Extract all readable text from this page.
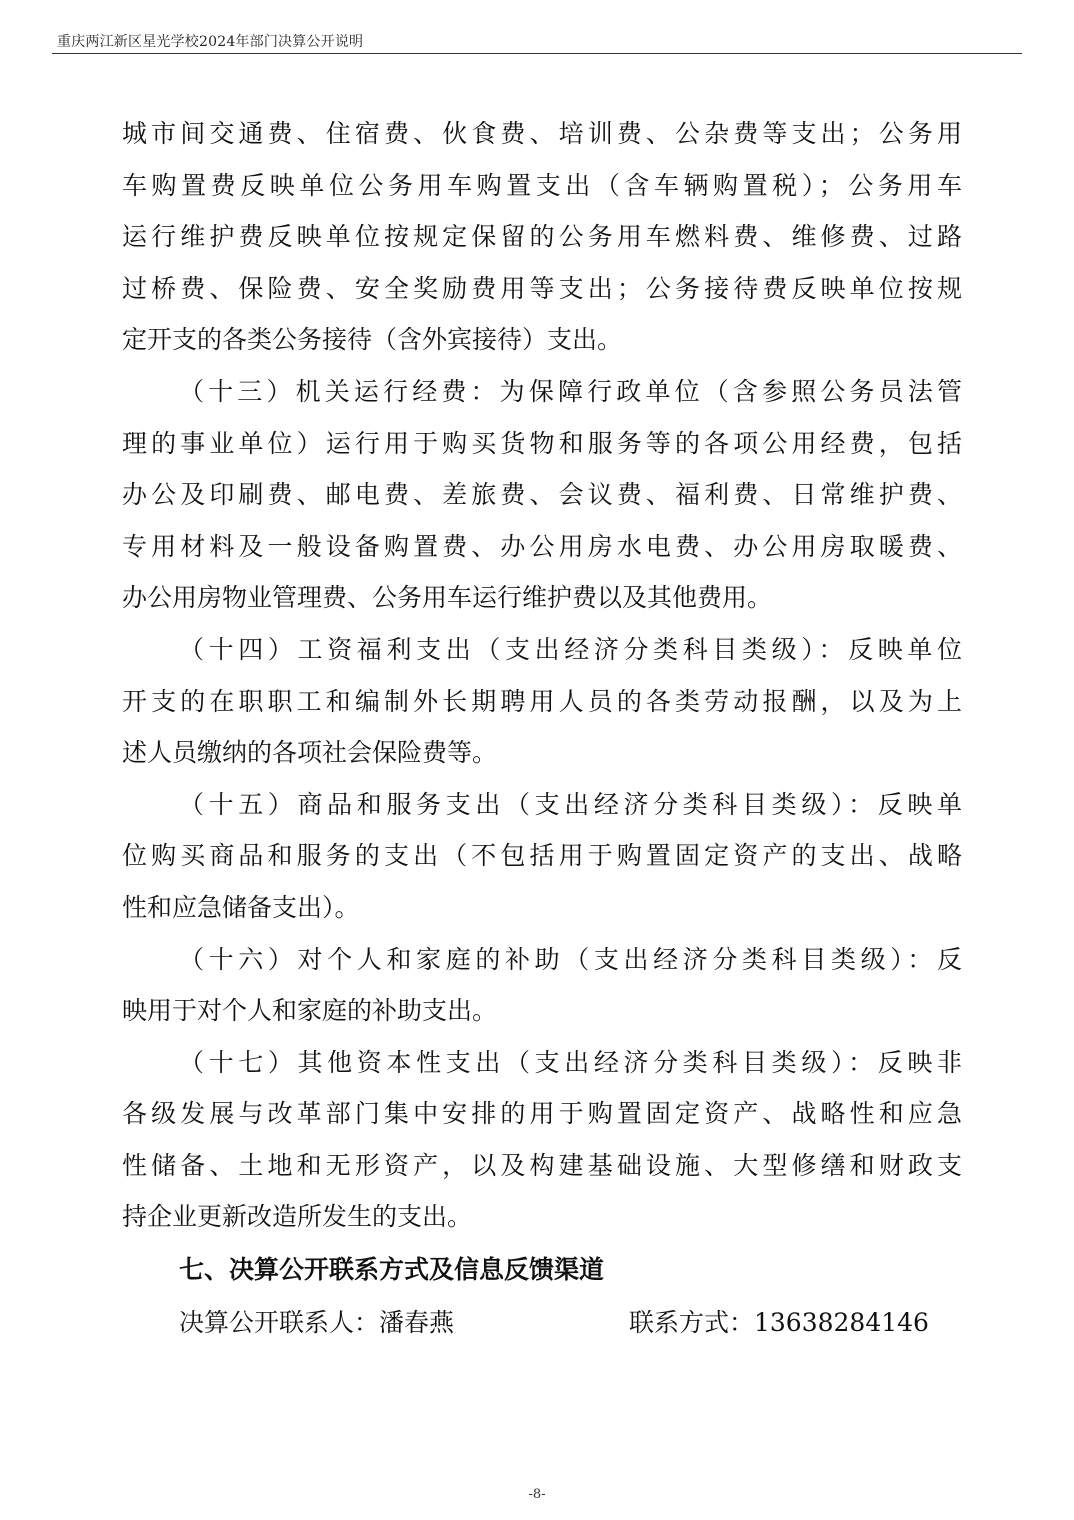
重庆两江新区星光学校2024年部门决算公开说明
城市间交通费、住宿费、伙食费、培训费、公杂费等支出；公务用
车购置费反映单位公务用车购置支出（含车辆购置税）；公务用车
运行维护费反映单位按规定保留的公务用车燃料费、维修费、过路
过桥费、保险费、安全奖励费用等支出；公务接待费反映单位按规
定开支的各类公务接待（含外宾接待）支出。
（十三）机关运行经费：为保障行政单位（含参照公务员法管
理的事业单位）运行用于购买货物和服务等的各项公用经费，包括
办公及印刷费、邮电费、差旅费、会议费、福利费、日常维护费、
专用材料及一般设备购置费、办公用房水电费、办公用房取暖费、
办公用房物业管理费、公务用车运行维护费以及其他费用。
（十四）工资福利支出（支出经济分类科目类级）：反映单位
开支的在职职工和编制外长期聘用人员的各类劳动报酬，以及为上
述人员缴纳的各项社会保险费等。
（十五）商品和服务支出（支出经济分类科目类级）：反映单
位购买商品和服务的支出（不包括用于购置固定资产的支出、战略
性和应急储备支出）。
（十六）对个人和家庭的补助（支出经济分类科目类级）：反
映用于对个人和家庭的补助支出。
（十七）其他资本性支出（支出经济分类科目类级）：反映非
各级发展与改革部门集中安排的用于购置固定资产、战略性和应急
性储备、土地和无形资产，以及构建基础设施、大型修缮和财政支
持企业更新改造所发生的支出。
七、决算公开联系方式及信息反馈渠道
决算公开联系人：潘春燕	联系方式：13638284146
-8-
